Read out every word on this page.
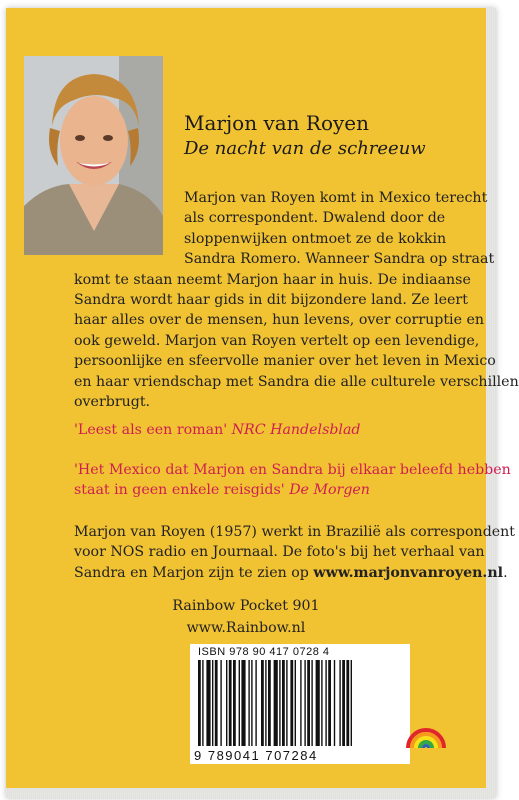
Marjon van Royen
De nacht van de schreeuw
Marjon van Royen komt in Mexico terecht
als correspondent. Dwalend door de
sloppenwijken ontmoet ze de kokkin
Sandra Romero. Wanneer Sandra op straat
komt te staan neemt Marjon haar in huis. De indiaanse
Sandra wordt haar gids in dit bijzondere land. Ze leert
haar alles over de mensen, hun levens, over corruptie en
ook geweld. Marjon van Royen vertelt op een levendige,
persoonlijke en sfeervolle manier over het leven in Mexico
en haar vriendschap met Sandra die alle culturele verschillen
overbrugt.
'Leest als een roman' NRC Handelsblad
'Het Mexico dat Marjon en Sandra bij elkaar beleefd hebben
staat in geen enkele reisgids' De Morgen
Marjon van Royen (1957) werkt in Brazilië als correspondent
voor NOS radio en Journaal. De foto's bij het verhaal van
Sandra en Marjon zijn te zien op www.marjonvanroyen.nl.
Rainbow Pocket 901
www.Rainbow.nl
ISBN 978 90 417 0728 4
9 789041 707284
